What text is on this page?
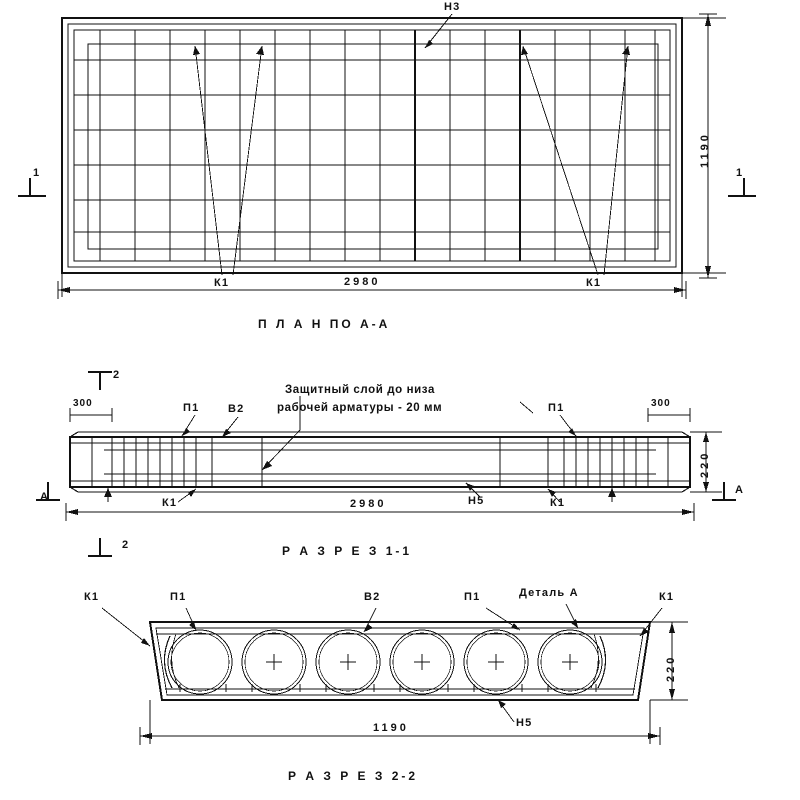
Н3
К1	К1
1	1
2980
1190
П Л А Н ПО А-А
Защитный слой до низа
рабочей арматуры - 20 мм
П1	П1
В2
К1	К1
Н5
А
А
2
2
300	300
2980
220
Р А З Р Е З 1-1
К1	К1
П1	П1
В2	Деталь А
Н5
1190
220
Р А З Р Е З 2-2
